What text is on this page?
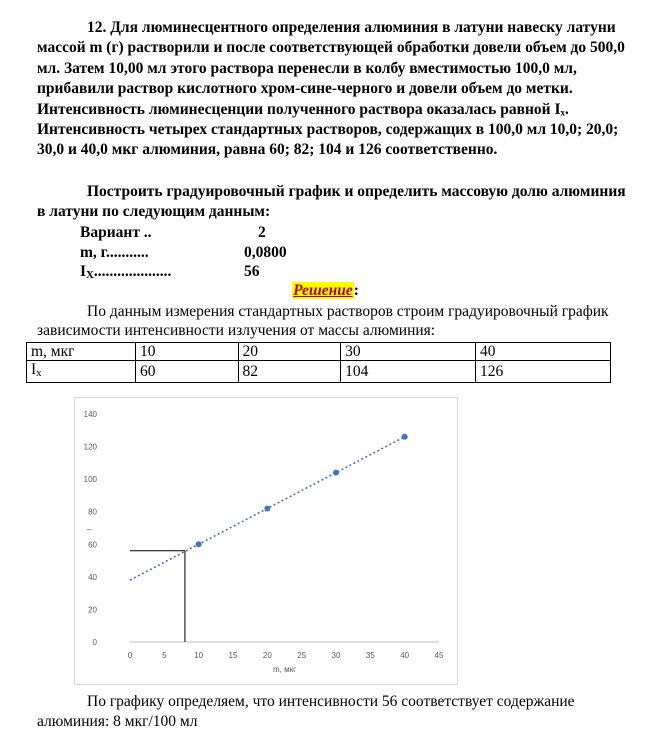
12. Для люминесцентного определения алюминия в латуни навеску латуни массой m (г) растворили и после соответствующей обработки довели объем до 500,0 мл. Затем 10,00 мл этого раствора перенесли в колбу вместимостью 100,0 мл, прибавили раствор кислотного хром-сине-черного и довели объем до метки. Интенсивность люминесценции полученного раствора оказалась равной Iₓ. Интенсивность четырех стандартных растворов, содержащих в 100,0 мл 10,0; 20,0; 30,0 и 40,0 мкг алюминия, равна 60; 82; 104 и 126 соответственно.
Построить градуировочный график и определить массовую долю алюминия в латуни по следующим данным:
Вариант ..	2
m, г...........	0,0800
$I_X$....................	56
Решение:
По данным измерения стандартных растворов строим градуировочный график зависимости интенсивности излучения от массы алюминия:
m, мкг	10	20	30	40
$I_x$	60	82	104	126
0
20
40
60
80
100
120
140
0	5	10	15	20	25	30	35	40	45
m, мкг
–
По графику определяем, что интенсивности 56 соответствует содержание алюминия: 8 мкг/100 мл
